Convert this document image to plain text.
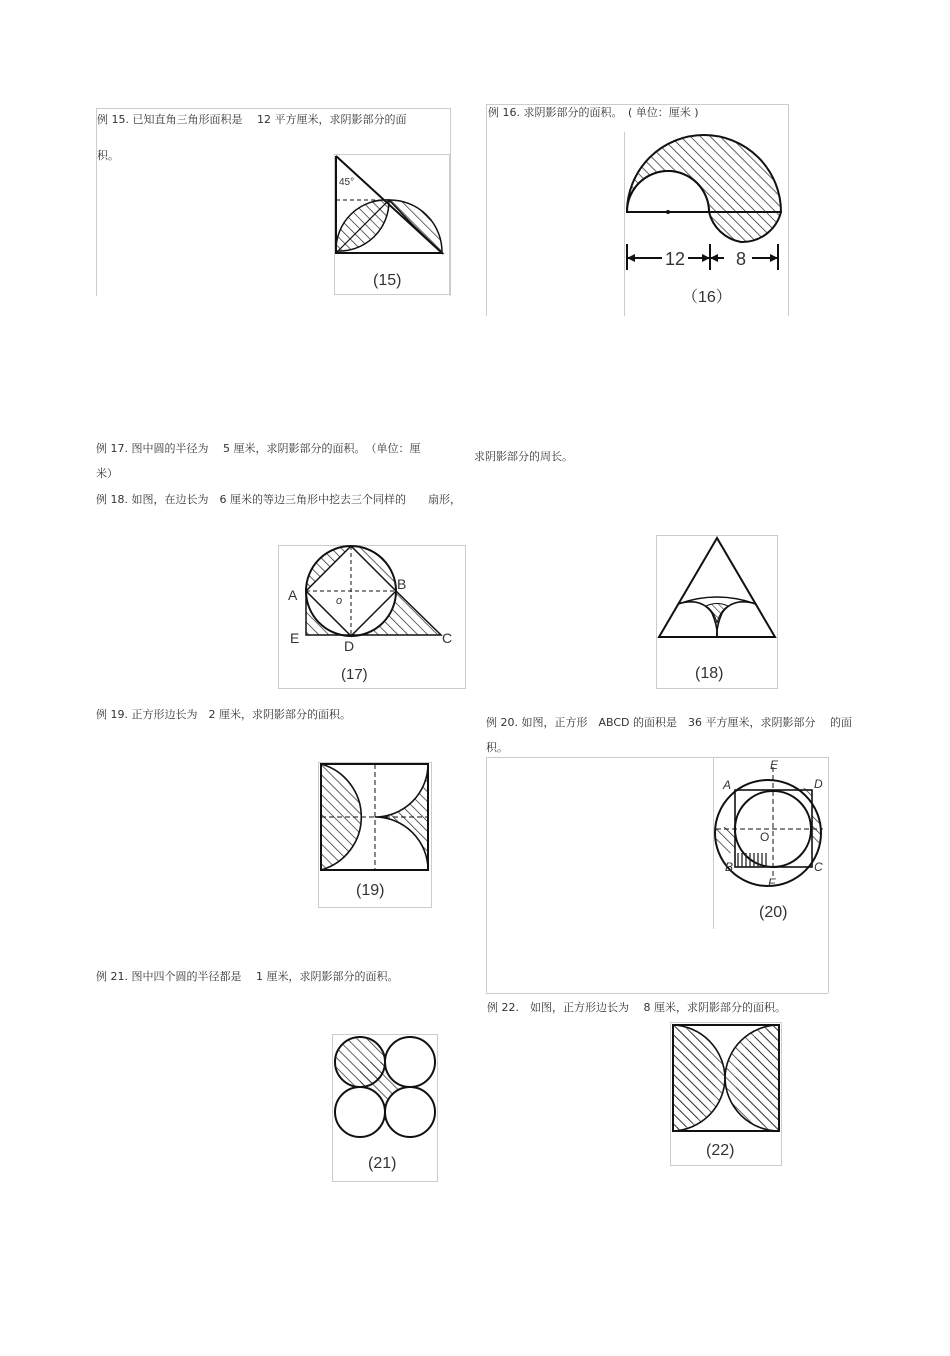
例 15. 已知直角三角形面积是　 12 平方厘米，求阴影部分的面
积。
45°
(15)
例 16. 求阴影部分的面积。　( 单位：厘米 )
12	8
（16）
例 17. 图中圆的半径为　 5 厘米，求阴影部分的面积。　（单位：厘
米）
例 18. 如图，在边长为　6 厘米的等边三角形中挖去三个同样的　　扇形，
求阴影部分的周长。
A
B
C
D
E
o
(17)	(18)
例 19. 正方形边长为　2 厘米，求阴影部分的面积。
(19)
例 20. 如图，正方形　ABCD 的面积是　36 平方厘米，求阴影部分　 的面
积。
A	D
E
B	C
F
O
(20)
例 21. 图中四个圆的半径都是　 1 厘米，求阴影部分的面积。
(21)
例 22.　如图，正方形边长为　 8 厘米，求阴影部分的面积。
(22)
